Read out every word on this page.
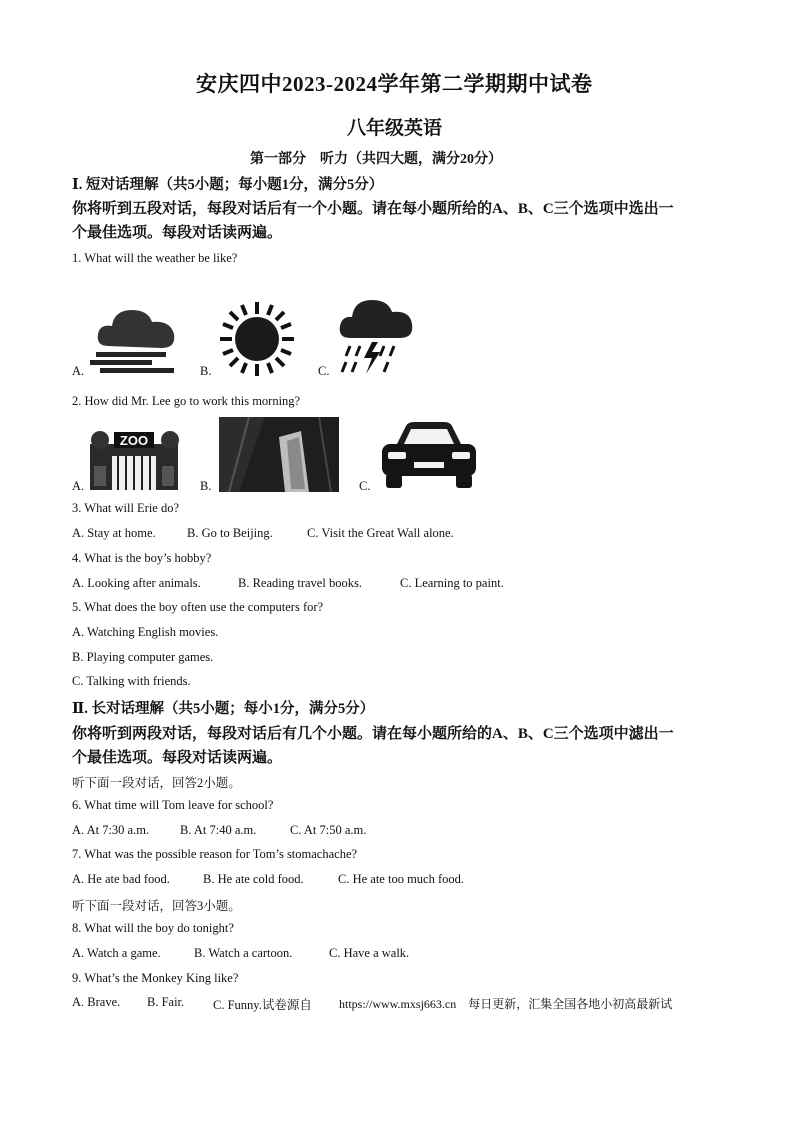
安庆四中2023-2024学年第二学期期中试卷
八年级英语
第一部分　听力（共四大题，满分20分）
Ⅰ. 短对话理解（共5小题；每小题1分，满分5分）
你将听到五段对话，每段对话后有一个小题。请在每小题所给的A、B、C三个选项中选出一
个最佳选项。每段对话读两遍。
1. What will the weather be like?
A.	B.	C.
2. How did Mr. Lee go to work this morning?
A.
ZOO
B.	C.
3. What will Erie do?
A. Stay at home.	B. Go to Beijing.	C. Visit the Great Wall alone.
4. What is the boy’s hobby?
A. Looking after animals.	B. Reading travel books.	C. Learning to paint.
5. What does the boy often use the computers for?
A. Watching English movies.
B. Playing computer games.
C. Talking with friends.
Ⅱ. 长对话理解（共5小题；每小1分，满分5分）
你将听到两段对话，每段对话后有几个小题。请在每小题所给的A、B、C三个选项中滤出一
个最佳选项。每段对话读两遍。
听下面一段对话，回答2小题。
6. What time will Tom leave for school?
A. At 7:30 a.m. B. At 7:40 a.m.	C. At 7:50 a.m.
7. What was the possible reason for Tom’s stomachache?
A. He ate bad food.	B. He ate cold food.	C. He ate too much food.
听下面一段对话，回答3小题。
8. What will the boy do tonight?
A. Watch a game.	B. Watch a cartoon.	C. Have a walk.
9. What’s the Monkey King like?
A. Brave. B. Fair. C. Funny.试卷源自 https://www.mxsj663.cn　每日更新，汇集全国各地小初高最新试
